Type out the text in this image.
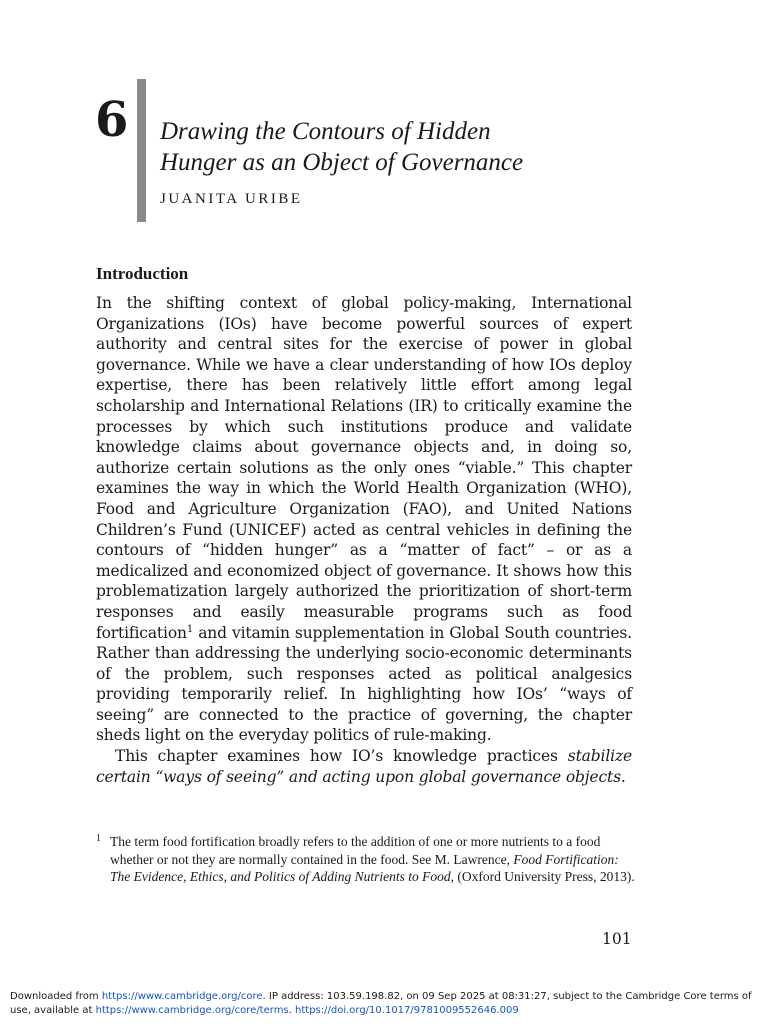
6 Drawing the Contours of Hidden
Hunger as an Object of Governance
JUANITA URIBE
Introduction

In the shifting context of global policy-making, International Organizations (IOs) have become powerful sources of expert authority and central sites for the exercise of power in global governance. While we have a clear understanding of how IOs deploy expertise, there has been relatively little effort among legal scholarship and International Relations (IR) to critically examine the processes by which such institutions produce and validate knowledge claims about governance objects and, in doing so, authorize certain solutions as the only ones “viable.” This chapter examines the way in which the World Health Organization (WHO), Food and Agriculture Organization (FAO), and United Nations Children’s Fund (UNICEF) acted as central vehicles in defining the contours of “hidden hunger” as a “matter of fact” – or as a medicalized and economized object of governance. It shows how this problematization largely authorized the prioritization of short-term responses and easily measurable programs such as food fortification$^1$ and vitamin supplementation in Global South countries. Rather than addressing the underlying socio-economic determinants of the problem, such responses acted as political analgesics providing temporarily relief. In highlighting how IOs’ “ways of seeing” are connected to the practice of governing, the chapter sheds light on the everyday politics of rule-making.

This chapter examines how IO’s knowledge practices stabilize certain “ways of seeing” and acting upon global governance objects.

1 The term food fortification broadly refers to the addition of one or more nutrients to a food whether or not they are normally contained in the food. See M. Lawrence, Food Fortification: The Evidence, Ethics, and Politics of Adding Nutrients to Food, (Oxford University Press, 2013).
101
Downloaded from https://www.cambridge.org/core. IP address: 103.59.198.82, on 09 Sep 2025 at 08:31:27, subject to the Cambridge Core terms of use, available at https://www.cambridge.org/core/terms. https://doi.org/10.1017/9781009552646.009
